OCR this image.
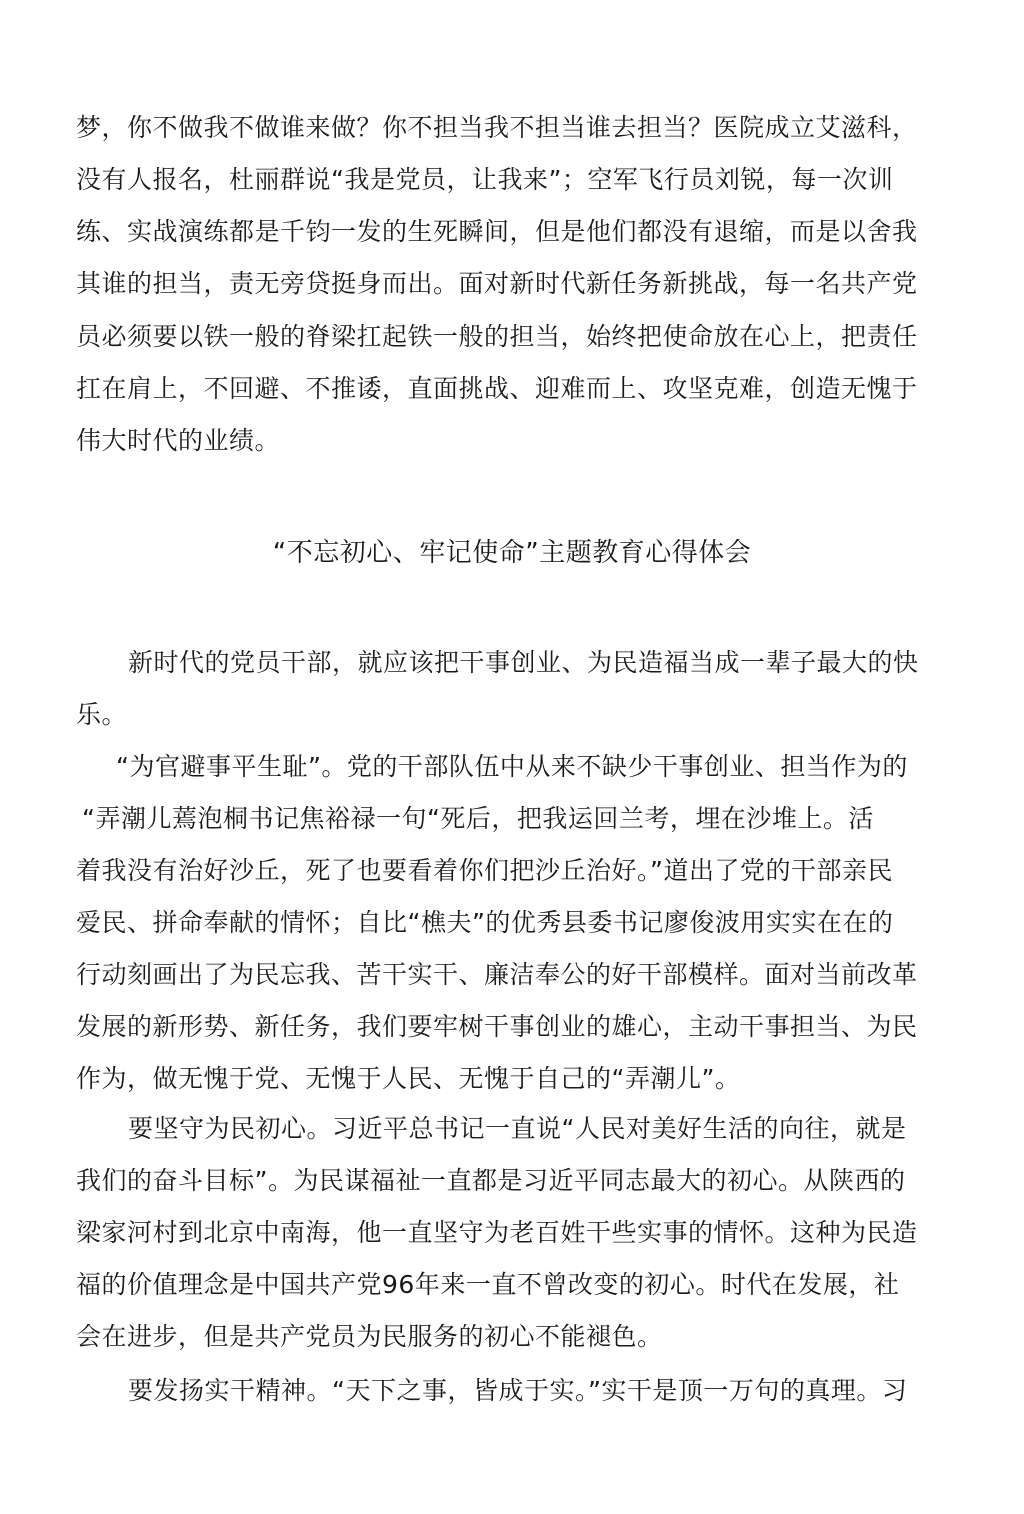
梦，你不做我不做谁来做？你不担当我不担当谁去担当？医院成立艾滋科，
没有人报名，杜丽群说“我是党员，让我来”；空军飞行员刘锐，每一次训
练、实战演练都是千钧一发的生死瞬间，但是他们都没有退缩，而是以舍我
其谁的担当，责无旁贷挺身而出。面对新时代新任务新挑战，每一名共产党
员必须要以铁一般的脊梁扛起铁一般的担当，始终把使命放在心上，把责任
扛在肩上，不回避、不推诿，直面挑战、迎难而上、攻坚克难，创造无愧于
伟大时代的业绩。
“不忘初心、牢记使命”主题教育心得体会
新时代的党员干部，就应该把干事创业、为民造福当成一辈子最大的快
乐。
“为官避事平生耻”。党的干部队伍中从来不缺少干事创业、担当作为的
“弄潮儿蔫泡桐书记焦裕禄一句“死后，把我运回兰考，埋在沙堆上。活
着我没有治好沙丘，死了也要看着你们把沙丘治好。”道出了党的干部亲民
爱民、拼命奉献的情怀；自比“樵夫”的优秀县委书记廖俊波用实实在在的
行动刻画出了为民忘我、苦干实干、廉洁奉公的好干部模样。面对当前改革
发展的新形势、新任务，我们要牢树干事创业的雄心，主动干事担当、为民
作为，做无愧于党、无愧于人民、无愧于自己的“弄潮儿”。
要坚守为民初心。习近平总书记一直说“人民对美好生活的向往，就是
我们的奋斗目标”。为民谋福祉一直都是习近平同志最大的初心。从陕西的
梁家河村到北京中南海，他一直坚守为老百姓干些实事的情怀。这种为民造
福的价值理念是中国共产党96年来一直不曾改变的初心。时代在发展，社
会在进步，但是共产党员为民服务的初心不能褪色。
要发扬实干精神。“天下之事，皆成于实。”实干是顶一万句的真理。习
